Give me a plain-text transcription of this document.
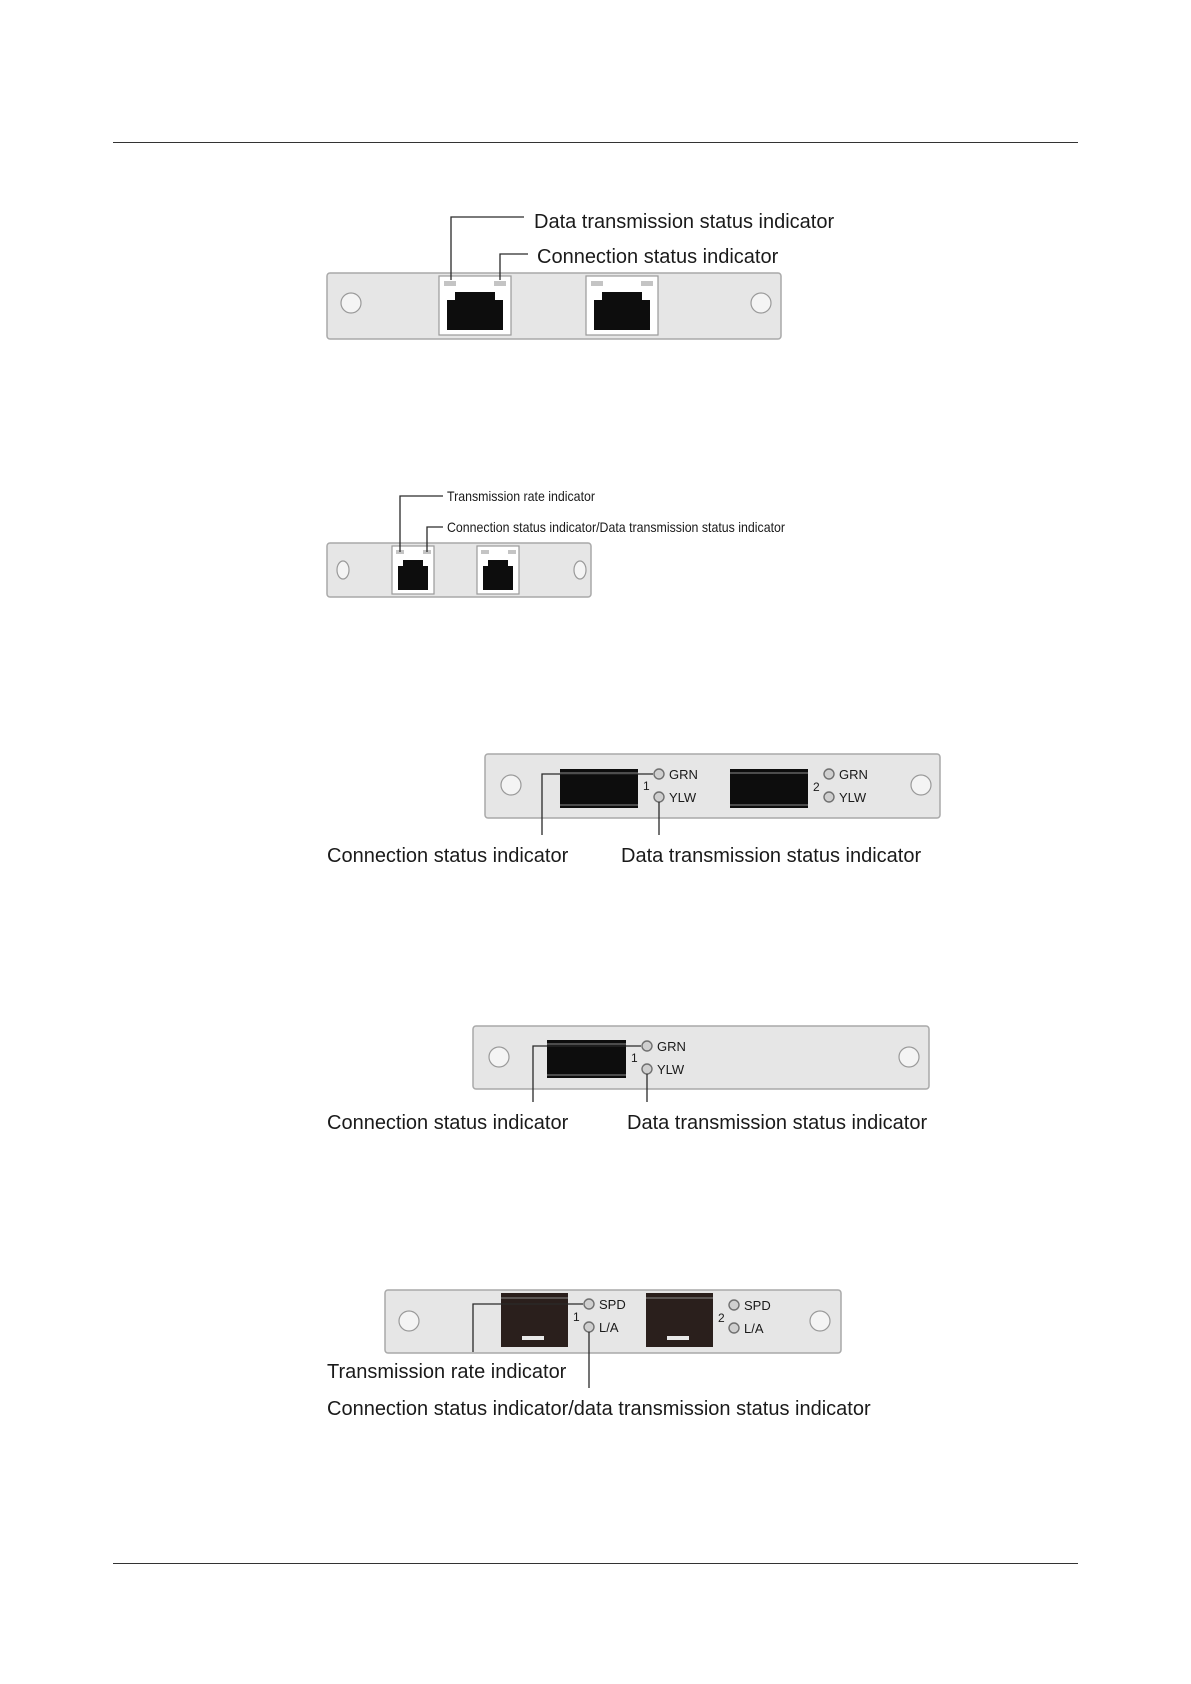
Data transmission status indicator
Connection status indicator
Transmission rate indicator
Connection status indicator/Data transmission status indicator
1
GRN
YLW
2
GRN
YLW
Connection status indicator	Data transmission status indicator
1
GRN
YLW
Connection status indicator	Data transmission status indicator
1
SPD
L/A
2
SPD
L/A
Transmission rate indicator
Connection status indicator/data transmission status indicator
